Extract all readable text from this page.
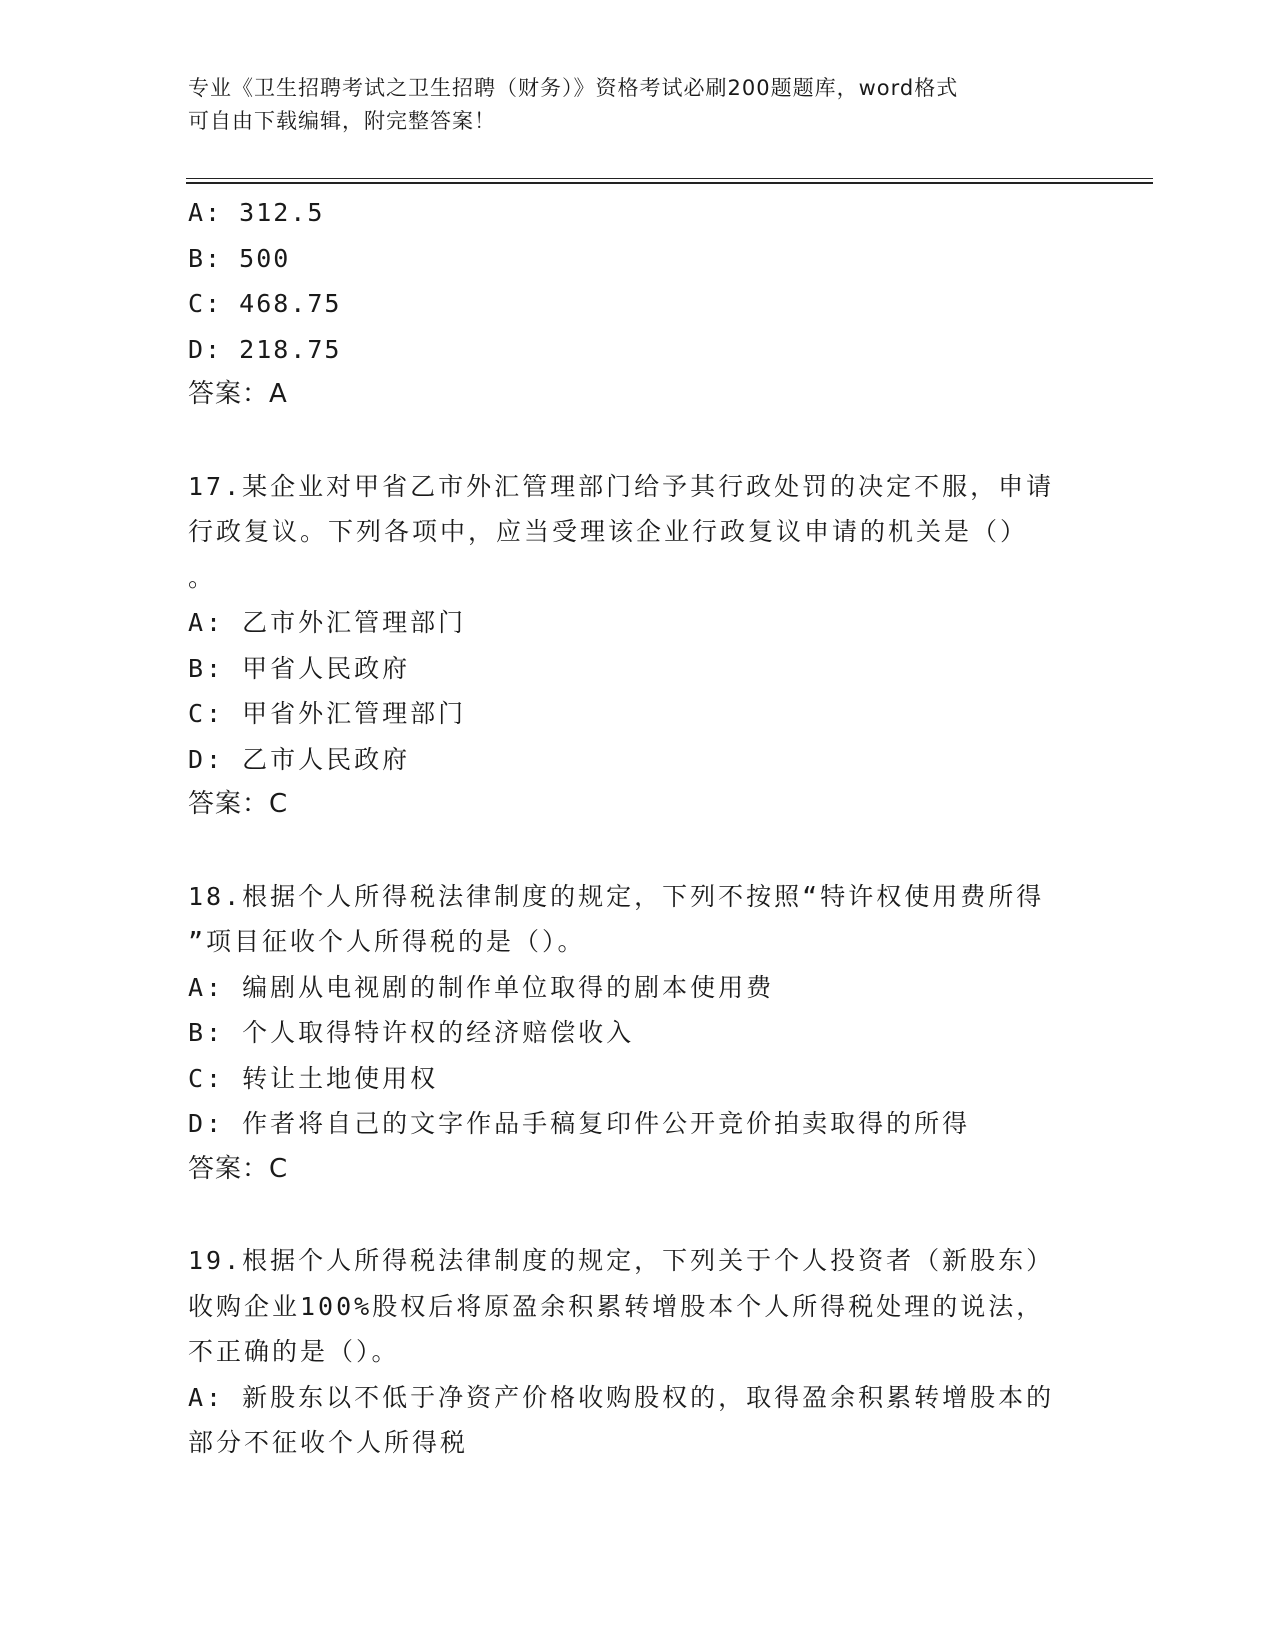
专业《卫生招聘考试之卫生招聘（财务）》资格考试必刷200题题库，word格式
可自由下载编辑，附完整答案！
A: 312.5
B: 500
C: 468.75
D: 218.75
答案：A
17.某企业对甲省乙市外汇管理部门给予其行政处罚的决定不服，申请
行政复议。下列各项中，应当受理该企业行政复议申请的机关是（）
。
A: 乙市外汇管理部门
B: 甲省人民政府
C: 甲省外汇管理部门
D: 乙市人民政府
答案：C
18.根据个人所得税法律制度的规定，下列不按照“特许权使用费所得
”项目征收个人所得税的是（）。
A: 编剧从电视剧的制作单位取得的剧本使用费
B: 个人取得特许权的经济赔偿收入
C: 转让土地使用权
D: 作者将自己的文字作品手稿复印件公开竞价拍卖取得的所得
答案：C
19.根据个人所得税法律制度的规定，下列关于个人投资者（新股东）
收购企业100%股权后将原盈余积累转增股本个人所得税处理的说法，
不正确的是（）。
A: 新股东以不低于净资产价格收购股权的，取得盈余积累转增股本的
部分不征收个人所得税
